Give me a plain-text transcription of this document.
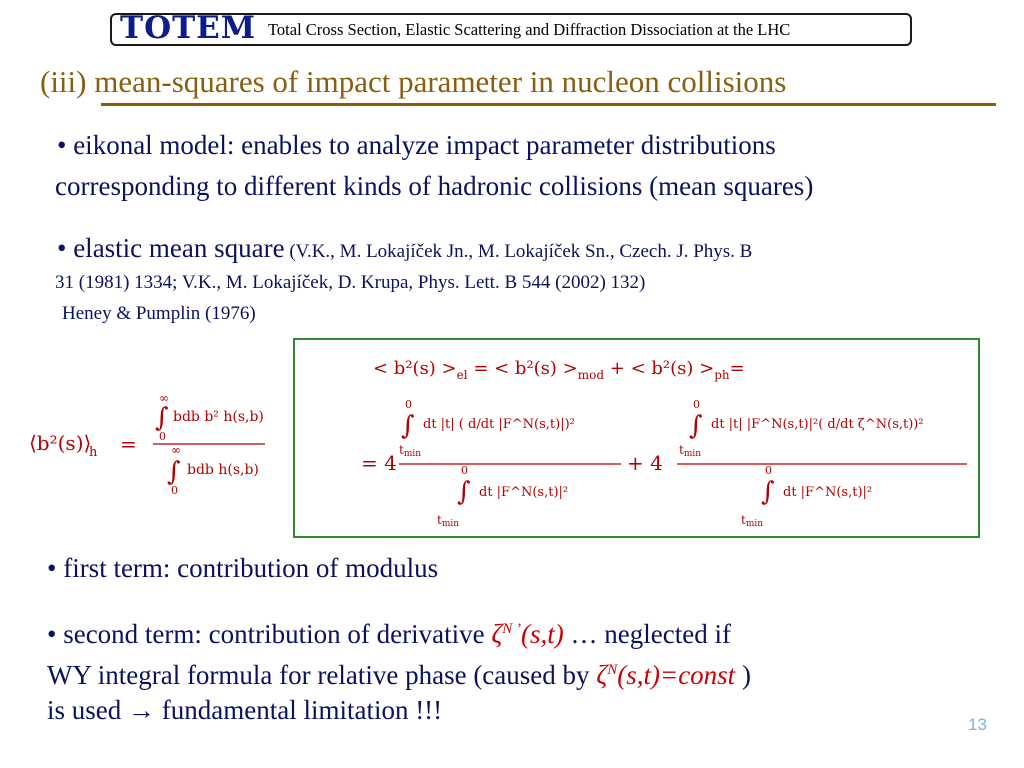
TOTEM Total Cross Section, Elastic Scattering and Diffraction Dissociation at the LHC
(iii) mean-squares of impact parameter in nucleon collisions
• eikonal model: enables to analyze impact parameter distributions
corresponding to different kinds of hadronic collisions (mean squares)
• elastic mean square (V.K., M. Lokajíček Jn., M. Lokajíček Sn., Czech. J. Phys. B
31 (1981) 1334; V.K., M. Lokajíček, D. Krupa, Phys. Lett. B 544 (2002) 132)
Heney & Pumplin (1976)
⟨b²(s)⟩
h =
∞
∫
0
bdb b² h(s,b)
∞
∫
0
bdb h(s,b)
< $b^2(s) >_{el}$ = < $b^2(s) >_{mod}$ + < $b^2(s) >_{ph}=$
= 4
0
∫
tmin
dt |t| ( d/dt |F^N(s,t)|)²
0
∫
tmin
dt |F^N(s,t)|²
+ 4
0
∫
tmin
dt |t| |F^N(s,t)|²( d/dt ζ^N(s,t))²
0
∫
tmin
dt |F^N(s,t)|²
• first term: contribution of modulus
• second term: contribution of derivative $\zeta^{N ’}(s,t)$ … neglected if
WY integral formula for relative phase (caused by $\zeta^N(s,t)=const$ )
is used → fundamental limitation !!!	13
